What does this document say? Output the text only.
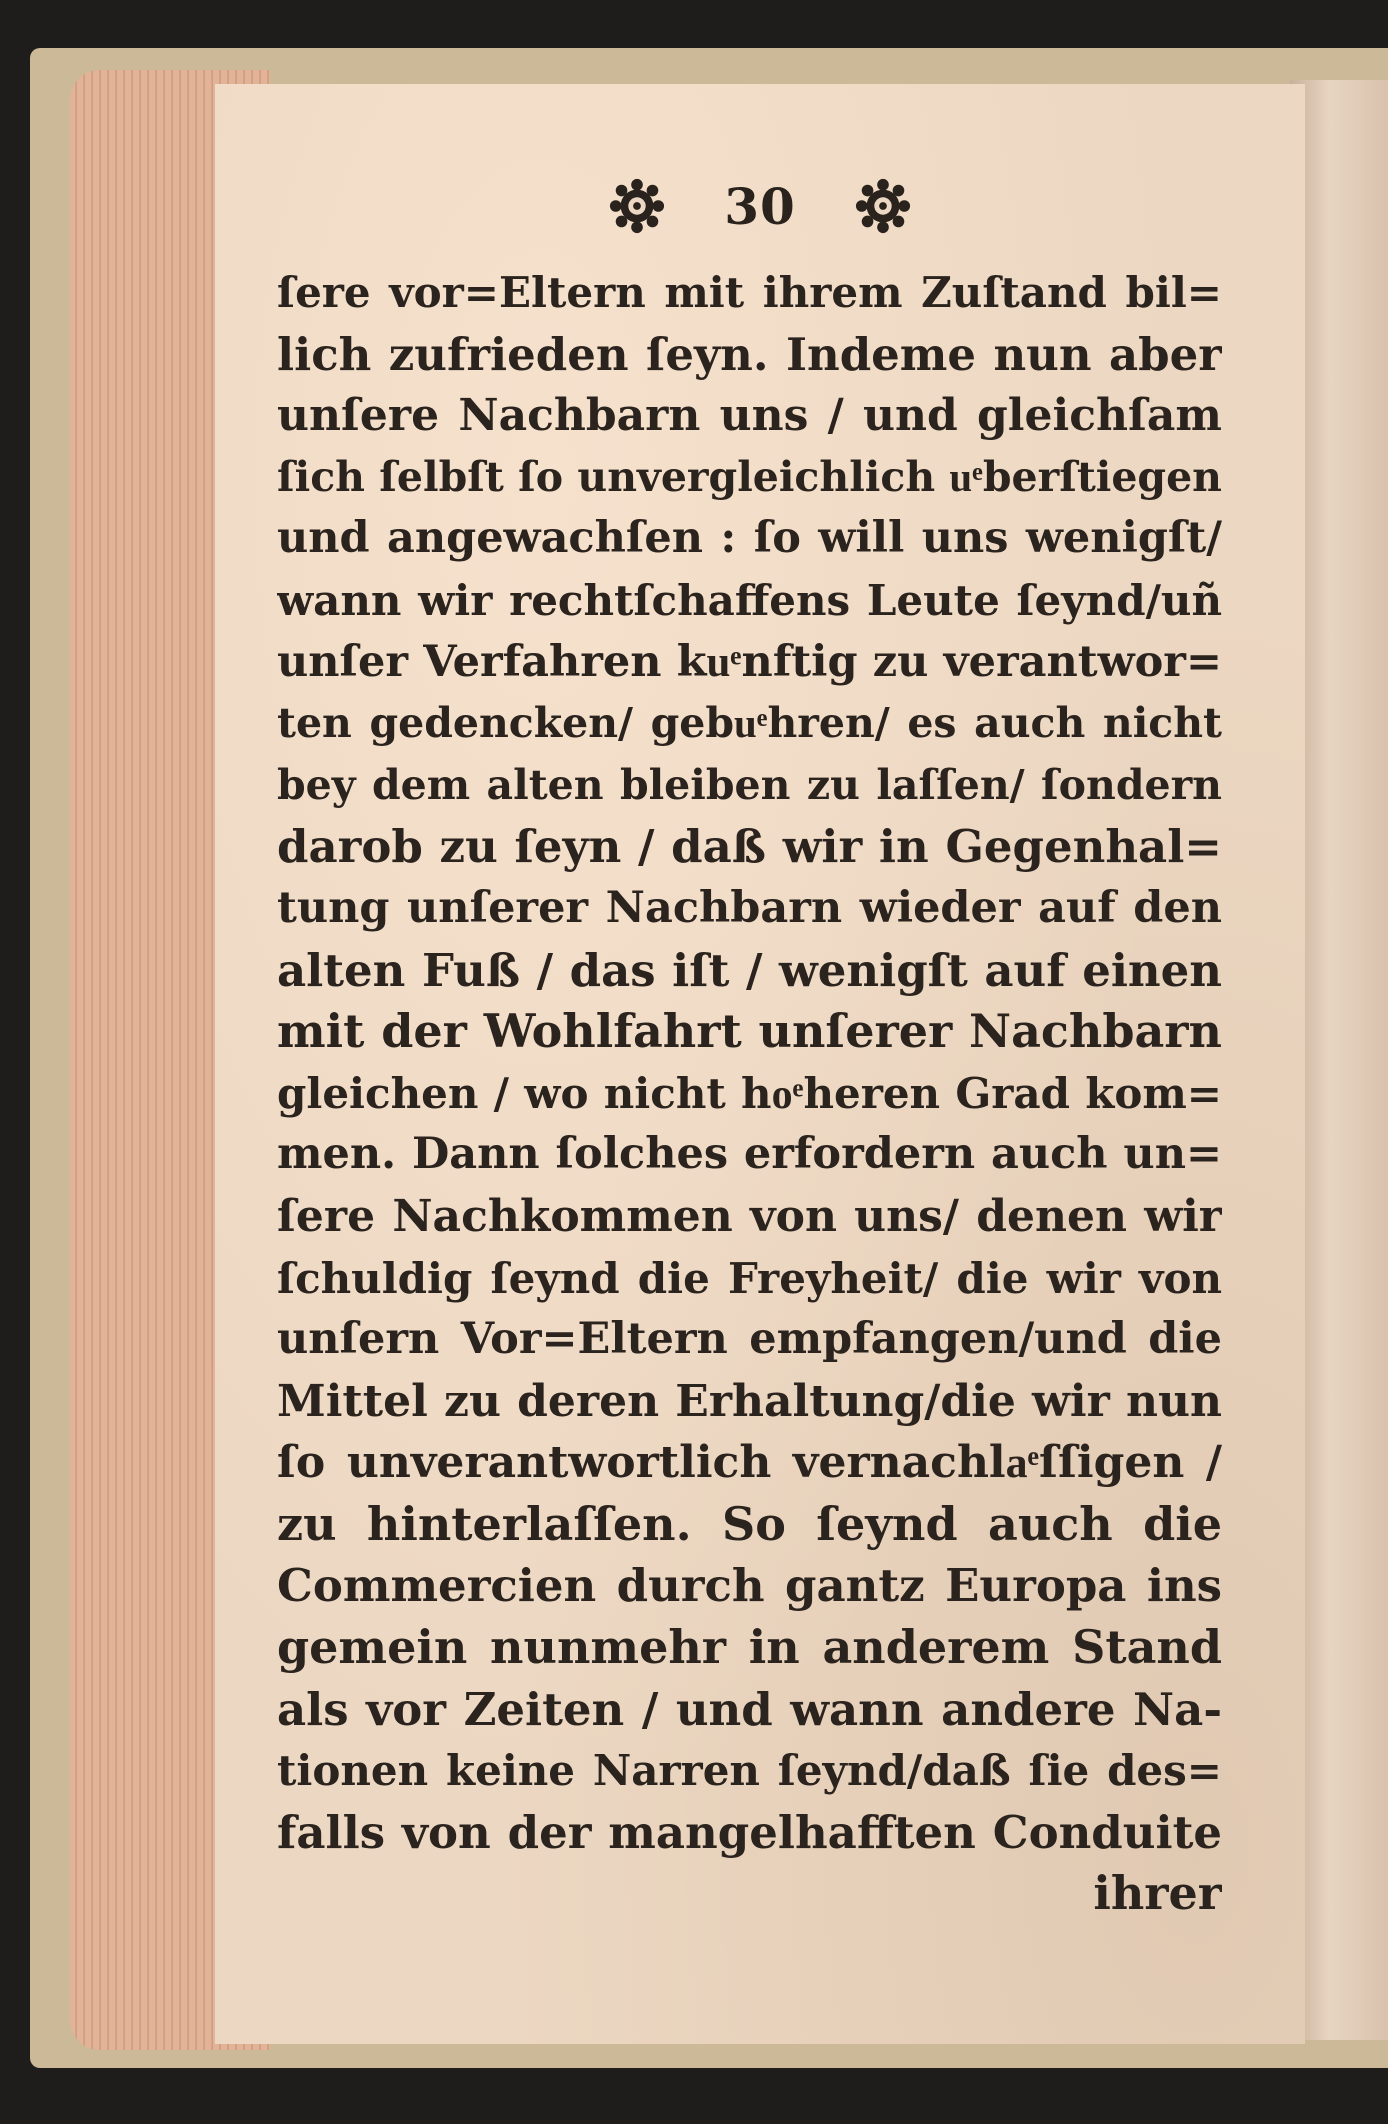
30
ſere vor=Eltern mit ihrem Zuſtand bil=
lich zufrieden ſeyn. Indeme nun aber
unſere Nachbarn uns / und gleichſam
ſich ſelbſt ſo unvergleichlich uͤberſtiegen
und angewachſen : ſo will uns wenigſt/
wann wir rechtſchaffens Leute ſeynd/uñ
unſer Verfahren kuͤnftig zu verantwor=
ten gedencken/ gebuͤhren/ es auch nicht
bey dem alten bleiben zu laſſen/ ſondern
darob zu ſeyn / daß wir in Gegenhal=
tung unſerer Nachbarn wieder auf den
alten Fuß / das iſt / wenigſt auf einen
mit der Wohlfahrt unſerer Nachbarn
gleichen / wo nicht hoͤheren Grad kom=
men. Dann ſolches erfordern auch un=
ſere Nachkommen von uns/ denen wir
ſchuldig ſeynd die Freyheit/ die wir von
unſern Vor=Eltern empfangen/und die
Mittel zu deren Erhaltung/die wir nun
ſo unverantwortlich vernachlaͤſſigen /
zu hinterlaſſen. So ſeynd auch die
Commercien durch gantz Europa ins
gemein nunmehr in anderem Stand
als vor Zeiten / und wann andere Na-
tionen keine Narren ſeynd/daß ſie des=
falls von der mangelhafften Conduite
ihrer
